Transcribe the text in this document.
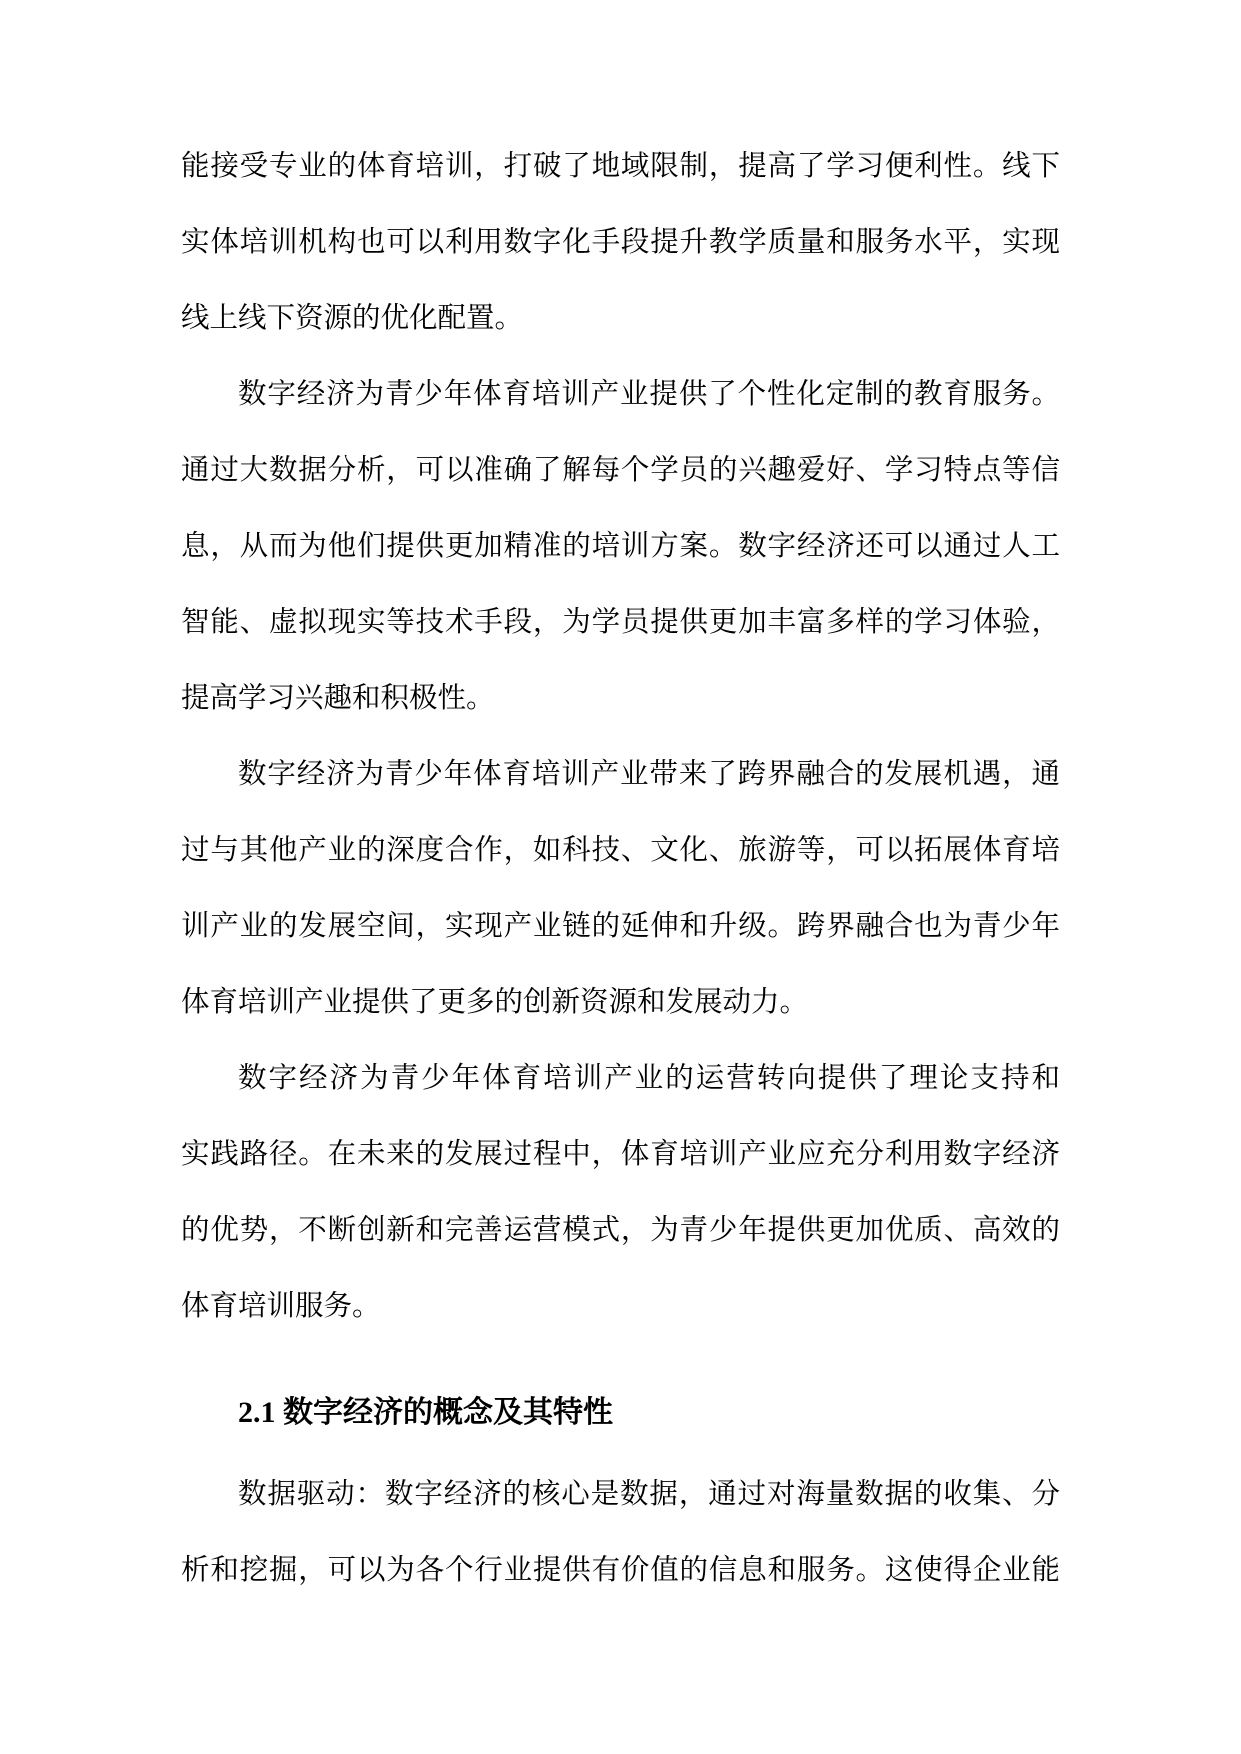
能接受专业的体育培训，打破了地域限制，提高了学习便利性。线下
实体培训机构也可以利用数字化手段提升教学质量和服务水平，实现
线上线下资源的优化配置。
数字经济为青少年体育培训产业提供了个性化定制的教育服务。
通过大数据分析，可以准确了解每个学员的兴趣爱好、学习特点等信
息，从而为他们提供更加精准的培训方案。数字经济还可以通过人工
智能、虚拟现实等技术手段，为学员提供更加丰富多样的学习体验，
提高学习兴趣和积极性。
数字经济为青少年体育培训产业带来了跨界融合的发展机遇，通
过与其他产业的深度合作，如科技、文化、旅游等，可以拓展体育培
训产业的发展空间，实现产业链的延伸和升级。跨界融合也为青少年
体育培训产业提供了更多的创新资源和发展动力。
数字经济为青少年体育培训产业的运营转向提供了理论支持和
实践路径。在未来的发展过程中，体育培训产业应充分利用数字经济
的优势，不断创新和完善运营模式，为青少年提供更加优质、高效的
体育培训服务。
2.1 数字经济的概念及其特性
数据驱动：数字经济的核心是数据，通过对海量数据的收集、分
析和挖掘，可以为各个行业提供有价值的信息和服务。这使得企业能
